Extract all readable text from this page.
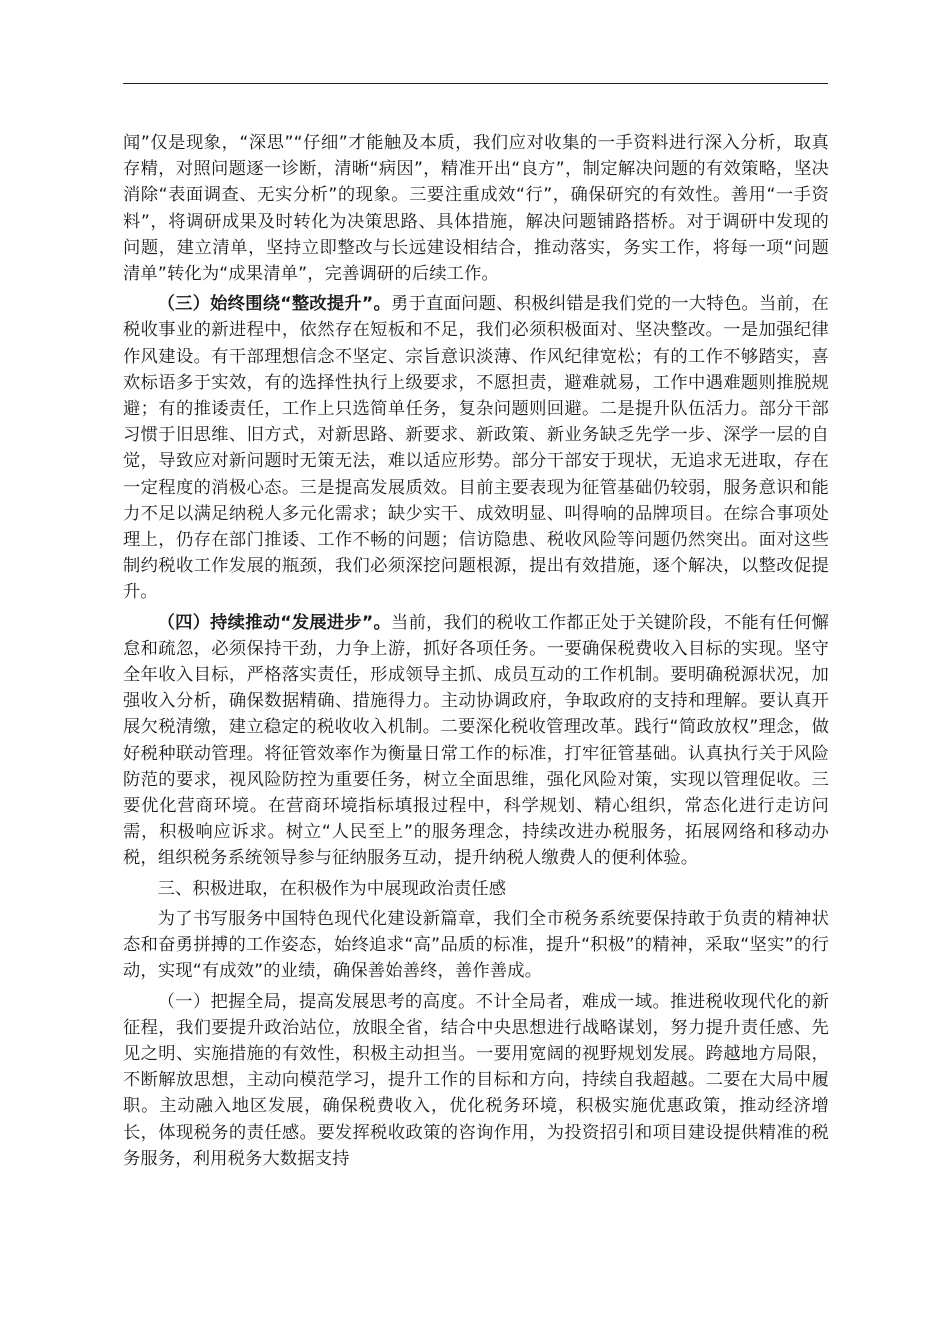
闻”仅是现象，“深思”“仔细”才能触及本质，我们应对收集的一手资料进行深入分析，取真存精，对照问题逐一诊断，清晰“病因”，精准开出“良方”，制定解决问题的有效策略，坚决消除“表面调查、无实分析”的现象。三要注重成效“行”，确保研究的有效性。善用“一手资料”，将调研成果及时转化为决策思路、具体措施，解决问题铺路搭桥。对于调研中发现的问题，建立清单，坚持立即整改与长远建设相结合，推动落实，务实工作，将每一项“问题清单”转化为“成果清单”，完善调研的后续工作。

（三）始终围绕“整改提升”。勇于直面问题、积极纠错是我们党的一大特色。当前，在税收事业的新进程中，依然存在短板和不足，我们必须积极面对、坚决整改。一是加强纪律作风建设。有干部理想信念不坚定、宗旨意识淡薄、作风纪律宽松；有的工作不够踏实，喜欢标语多于实效，有的选择性执行上级要求，不愿担责，避难就易，工作中遇难题则推脱规避；有的推诿责任，工作上只选简单任务，复杂问题则回避。二是提升队伍活力。部分干部习惯于旧思维、旧方式，对新思路、新要求、新政策、新业务缺乏先学一步、深学一层的自觉，导致应对新问题时无策无法，难以适应形势。部分干部安于现状，无追求无进取，存在一定程度的消极心态。三是提高发展质效。目前主要表现为征管基础仍较弱，服务意识和能力不足以满足纳税人多元化需求；缺少实干、成效明显、叫得响的品牌项目。在综合事项处理上，仍存在部门推诿、工作不畅的问题；信访隐患、税收风险等问题仍然突出。面对这些制约税收工作发展的瓶颈，我们必须深挖问题根源，提出有效措施，逐个解决，以整改促提升。

（四）持续推动“发展进步”。当前，我们的税收工作都正处于关键阶段，不能有任何懈怠和疏忽，必须保持干劲，力争上游，抓好各项任务。一要确保税费收入目标的实现。坚守全年收入目标，严格落实责任，形成领导主抓、成员互动的工作机制。要明确税源状况，加强收入分析，确保数据精确、措施得力。主动协调政府，争取政府的支持和理解。要认真开展欠税清缴，建立稳定的税收收入机制。二要深化税收管理改革。践行“简政放权”理念，做好税种联动管理。将征管效率作为衡量日常工作的标准，打牢征管基础。认真执行关于风险防范的要求，视风险防控为重要任务，树立全面思维，强化风险对策，实现以管理促收。三要优化营商环境。在营商环境指标填报过程中，科学规划、精心组织，常态化进行走访问需，积极响应诉求。树立“人民至上”的服务理念，持续改进办税服务，拓展网络和移动办税，组织税务系统领导参与征纳服务互动，提升纳税人缴费人的便利体验。

三、积极进取，在积极作为中展现政治责任感

为了书写服务中国特色现代化建设新篇章，我们全市税务系统要保持敢于负责的精神状态和奋勇拼搏的工作姿态，始终追求“高”品质的标准，提升“积极”的精神，采取“坚实”的行动，实现“有成效”的业绩，确保善始善终，善作善成。

（一）把握全局，提高发展思考的高度。不计全局者，难成一域。推进税收现代化的新征程，我们要提升政治站位，放眼全省，结合中央思想进行战略谋划，努力提升责任感、先见之明、实施措施的有效性，积极主动担当。一要用宽阔的视野规划发展。跨越地方局限，不断解放思想，主动向模范学习，提升工作的目标和方向，持续自我超越。二要在大局中履职。主动融入地区发展，确保税费收入，优化税务环境，积极实施优惠政策，推动经济增长，体现税务的责任感。要发挥税收政策的咨询作用，为投资招引和项目建设提供精准的税务服务，利用税务大数据支持
